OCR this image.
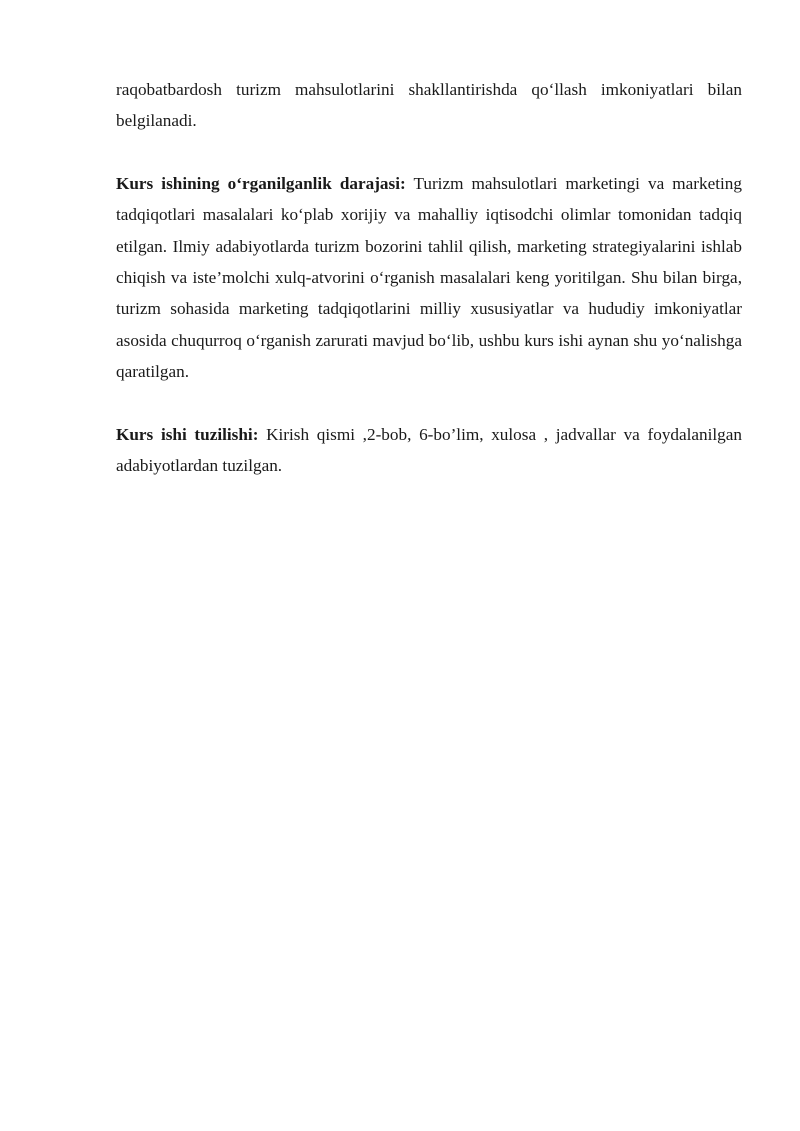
raqobatbardosh turizm mahsulotlarini shakllantirishda qo‘llash imkoniyatlari bilan belgilanadi.

Kurs ishining o‘rganilganlik darajasi: Turizm mahsulotlari marketingi va marketing tadqiqotlari masalalari ko‘plab xorijiy va mahalliy iqtisodchi olimlar tomonidan tadqiq etilgan. Ilmiy adabiyotlarda turizm bozorini tahlil qilish, marketing strategiyalarini ishlab chiqish va iste’molchi xulq-atvorini o‘rganish masalalari keng yoritilgan. Shu bilan birga, turizm sohasida marketing tadqiqotlarini milliy xususiyatlar va hududiy imkoniyatlar asosida chuqurroq o‘rganish zarurati mavjud bo‘lib, ushbu kurs ishi aynan shu yo‘nalishga qaratilgan.

Kurs ishi tuzilishi: Kirish qismi ,2-bob, 6-bo’lim, xulosa , jadvallar va foydalanilgan adabiyotlardan tuzilgan.
